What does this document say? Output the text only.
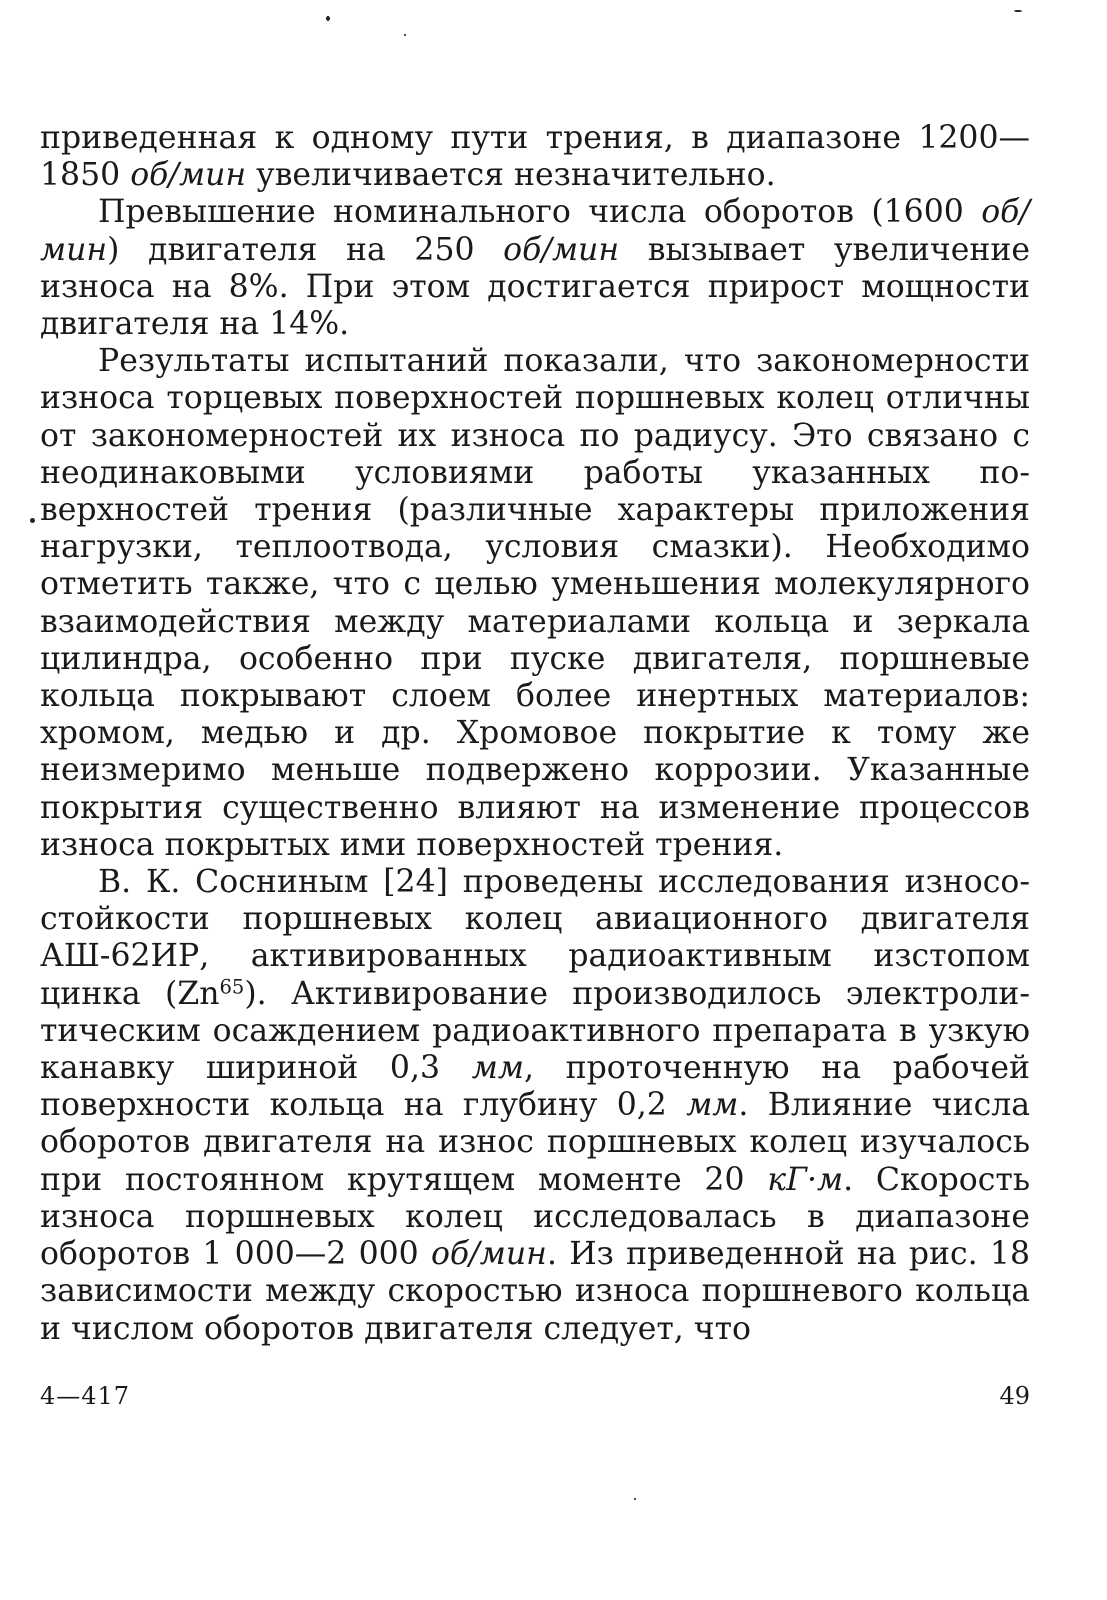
приведенная к одному пути трения, в диапазоне 1200—1850 об/мин увеличивается незначительно.

Превышение номинального числа оборотов (1600 об/мин) двигателя на 250 об/мин вызывает увеличение износа на 8%. При этом достигается прирост мощности двигателя на 14%.

Результаты испытаний показали, что закономерности износа торцевых поверхностей поршневых колец отличны от закономерностей их износа по радиусу. Это связано с неодинаковыми условиями работы указанных поверхностей трения (различные характеры приложения нагрузки, теплоотвода, условия смазки). Необходимо отметить также, что с целью уменьшения молекулярного взаимодействия между материалами кольца и зеркала цилиндра, особенно при пуске двигателя, поршневые кольца покрывают слоем более инертных материалов: хромом, медью и др. Хромовое покрытие к тому же неизмеримо меньше подвержено коррозии. Указанные покрытия существенно влияют на изменение процессов износа покрытых ими поверхностей трения.

В. К. Сосниным [24] проведены исследования износостойкости поршневых колец авиационного двигателя АШ-62ИР, активированных радиоактивным изстопом цинка (Zn$^{65}$). Активирование производилось электролитическим осаждением радиоактивного препарата в узкую канавку шириной 0,3 мм, проточенную на рабочей поверхности кольца на глубину 0,2 мм. Влияние числа оборотов двигателя на износ поршневых колец изучалось при постоянном крутящем моменте 20 кГ·м. Скорость износа поршневых колец исследовалась в диапазоне оборотов 1 000—2 000 об/мин. Из приведенной на рис. 18 зависимости между скоростью износа поршневого кольца и числом оборотов двигателя следует, что

4—417	49
